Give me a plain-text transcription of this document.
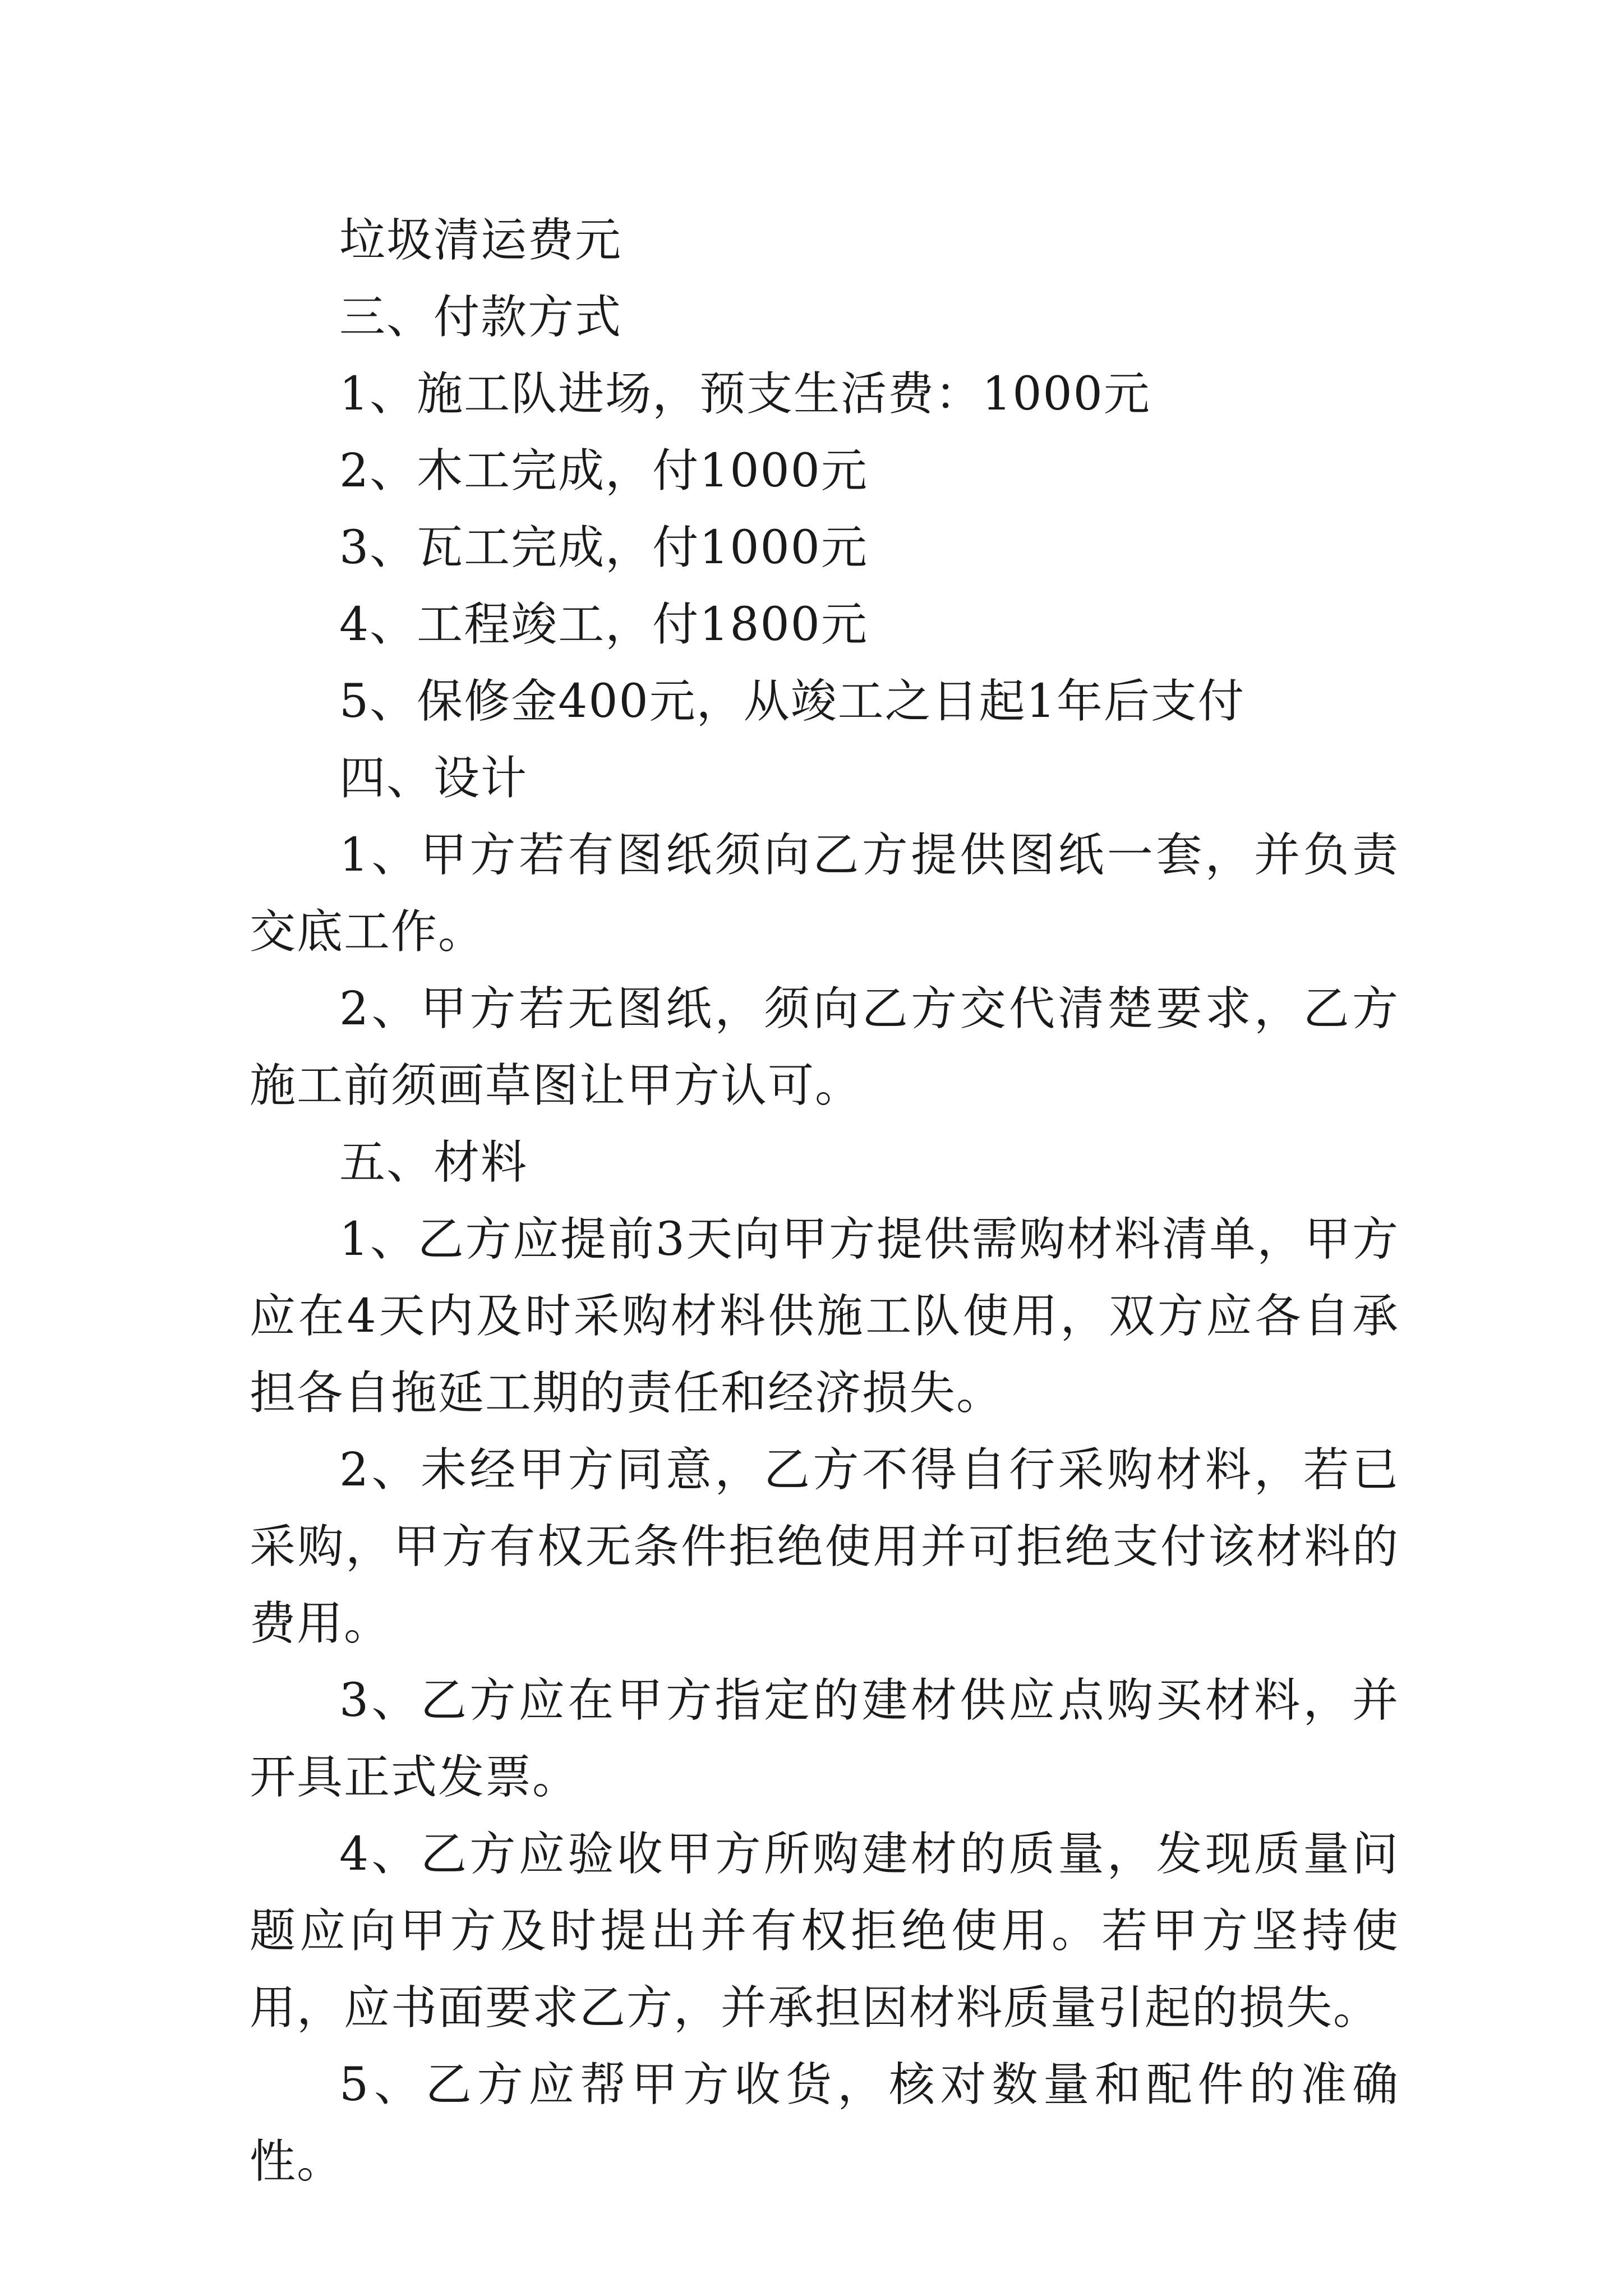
垃圾清运费元

三、付款方式

1、施工队进场，预支生活费：1000元

2、木工完成，付1000元

3、瓦工完成，付1000元

4、工程竣工，付1800元

5、保修金400元，从竣工之日起1年后支付

四、设计

1、甲方若有图纸须向乙方提供图纸一套，并负责交底工作。

2、甲方若无图纸，须向乙方交代清楚要求，乙方施工前须画草图让甲方认可。

五、材料

1、乙方应提前3天向甲方提供需购材料清单，甲方应在4天内及时采购材料供施工队使用，双方应各自承担各自拖延工期的责任和经济损失。

2、未经甲方同意，乙方不得自行采购材料，若已采购，甲方有权无条件拒绝使用并可拒绝支付该材料的费用。

3、乙方应在甲方指定的建材供应点购买材料，并开具正式发票。

4、乙方应验收甲方所购建材的质量，发现质量问题应向甲方及时提出并有权拒绝使用。若甲方坚持使用，应书面要求乙方，并承担因材料质量引起的损失。

5、乙方应帮甲方收货，核对数量和配件的准确性。
